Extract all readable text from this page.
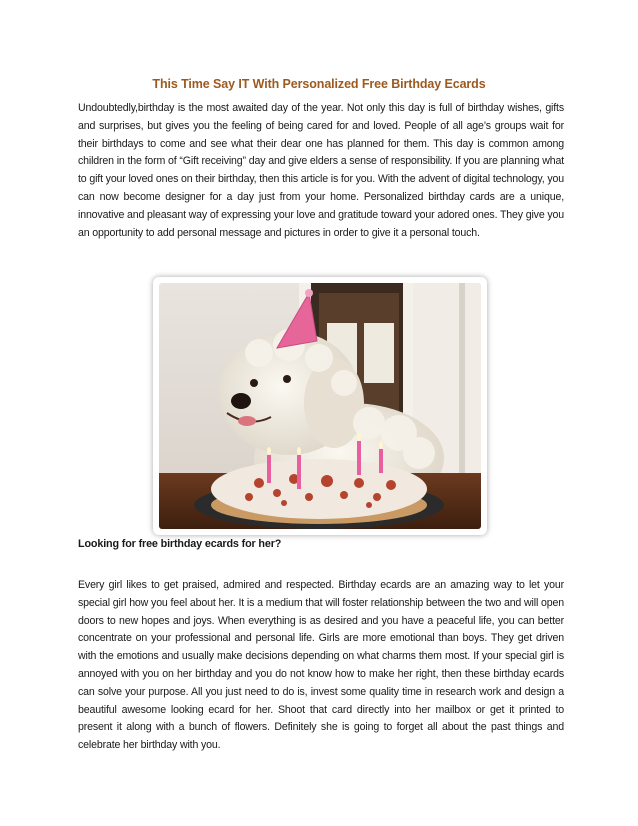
This Time Say IT With Personalized Free Birthday Ecards

Undoubtedly,birthday is the most awaited day of the year. Not only this day is full of birthday wishes, gifts and surprises, but gives you the feeling of being cared for and loved. People of all age’s groups wait for their birthdays to come and see what their dear one has planned for them. This day is common among children in the form of “Gift receiving” day and give elders a sense of responsibility. If you are planning what to gift your loved ones on their birthday, then this article is for you. With the advent of digital technology, you can now become designer for a day just from your home. Personalized birthday cards are a unique, innovative and pleasant way of expressing your love and gratitude toward your adored ones. They give you an opportunity to add personal message and pictures in order to give it a personal touch.

Looking for free birthday ecards for her?

Every girl likes to get praised, admired and respected. Birthday ecards are an amazing way to let your special girl how you feel about her. It is a medium that will foster relationship between the two and will open doors to new hopes and joys. When everything is as desired and you have a peaceful life, you can better concentrate on your professional and personal life. Girls are more emotional than boys. They get driven with the emotions and usually make decisions depending on what charms them most. If your special girl is annoyed with you on her birthday and you do not know how to make her right, then these birthday ecards can solve your purpose. All you just need to do is, invest some quality time in research work and design a beautiful awesome looking ecard for her. Shoot that card directly into her mailbox or get it printed to present it along with a bunch of flowers. Definitely she is going to forget all about the past things and celebrate her birthday with you.
